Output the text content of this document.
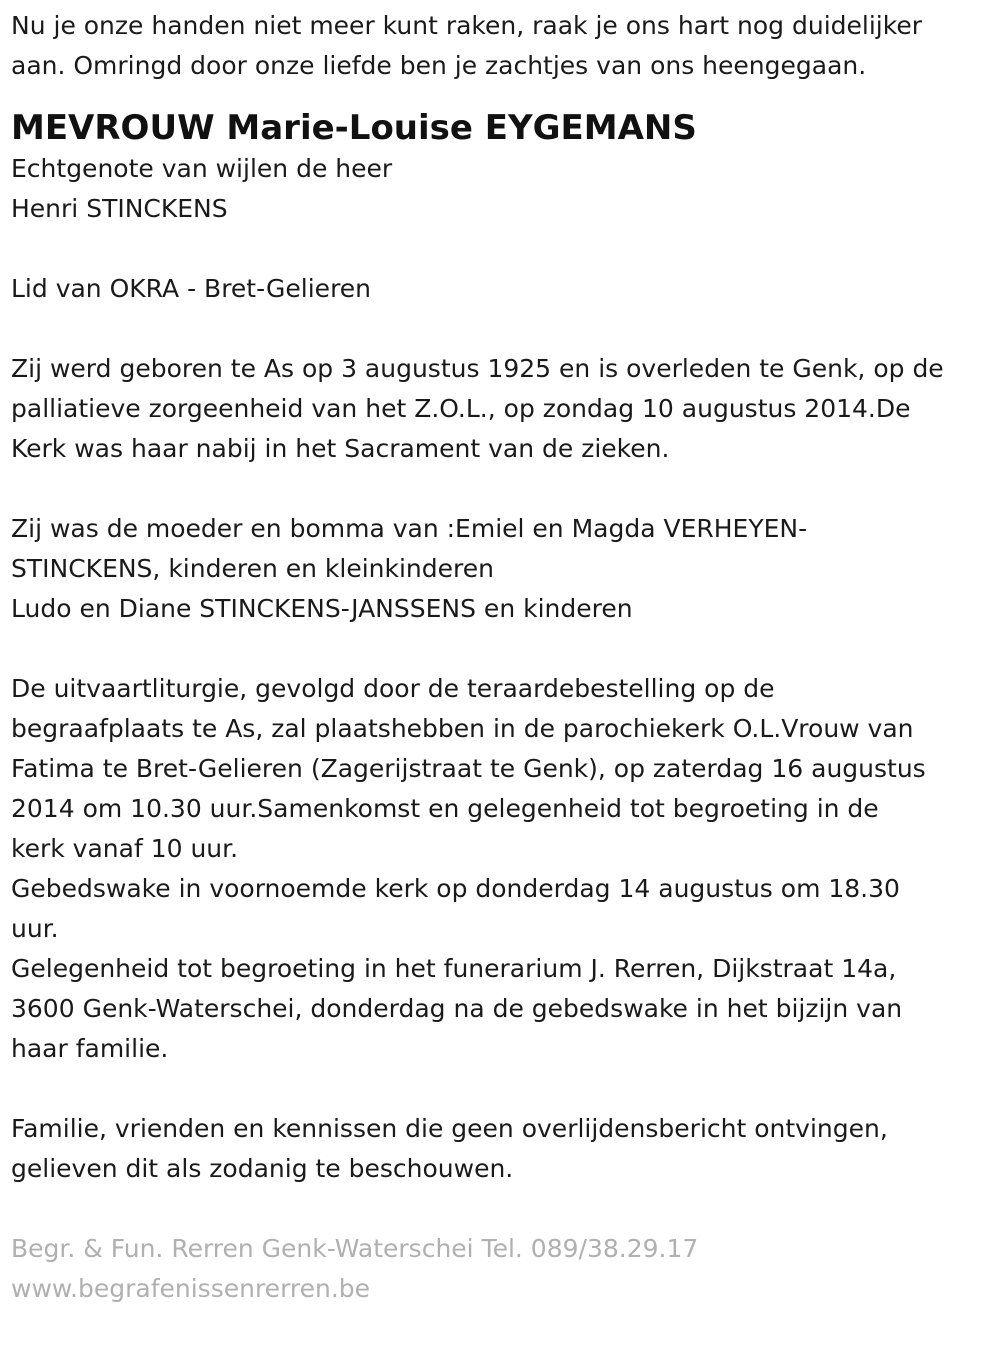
Nu je onze handen niet meer kunt raken, raak je ons hart nog duidelijker
aan. Omringd door onze liefde ben je zachtjes van ons heengegaan.
MEVROUW Marie-Louise EYGEMANS
Echtgenote van wijlen de heer
Henri STINCKENS
Lid van OKRA - Bret-Gelieren
Zij werd geboren te As op 3 augustus 1925 en is overleden te Genk, op de
palliatieve zorgeenheid van het Z.O.L., op zondag 10 augustus 2014.De
Kerk was haar nabij in het Sacrament van de zieken.
Zij was de moeder en bomma van :Emiel en Magda VERHEYEN-
STINCKENS, kinderen en kleinkinderen
Ludo en Diane STINCKENS-JANSSENS en kinderen
De uitvaartliturgie, gevolgd door de teraardebestelling op de
begraafplaats te As, zal plaatshebben in de parochiekerk O.L.Vrouw van
Fatima te Bret-Gelieren (Zagerijstraat te Genk), op zaterdag 16 augustus
2014 om 10.30 uur.Samenkomst en gelegenheid tot begroeting in de
kerk vanaf 10 uur.
Gebedswake in voornoemde kerk op donderdag 14 augustus om 18.30
uur.
Gelegenheid tot begroeting in het funerarium J. Rerren, Dijkstraat 14a,
3600 Genk-Waterschei, donderdag na de gebedswake in het bijzijn van
haar familie.
Familie, vrienden en kennissen die geen overlijdensbericht ontvingen,
gelieven dit als zodanig te beschouwen.
Begr. & Fun. Rerren Genk-Waterschei Tel. 089/38.29.17
www.begrafenissenrerren.be
